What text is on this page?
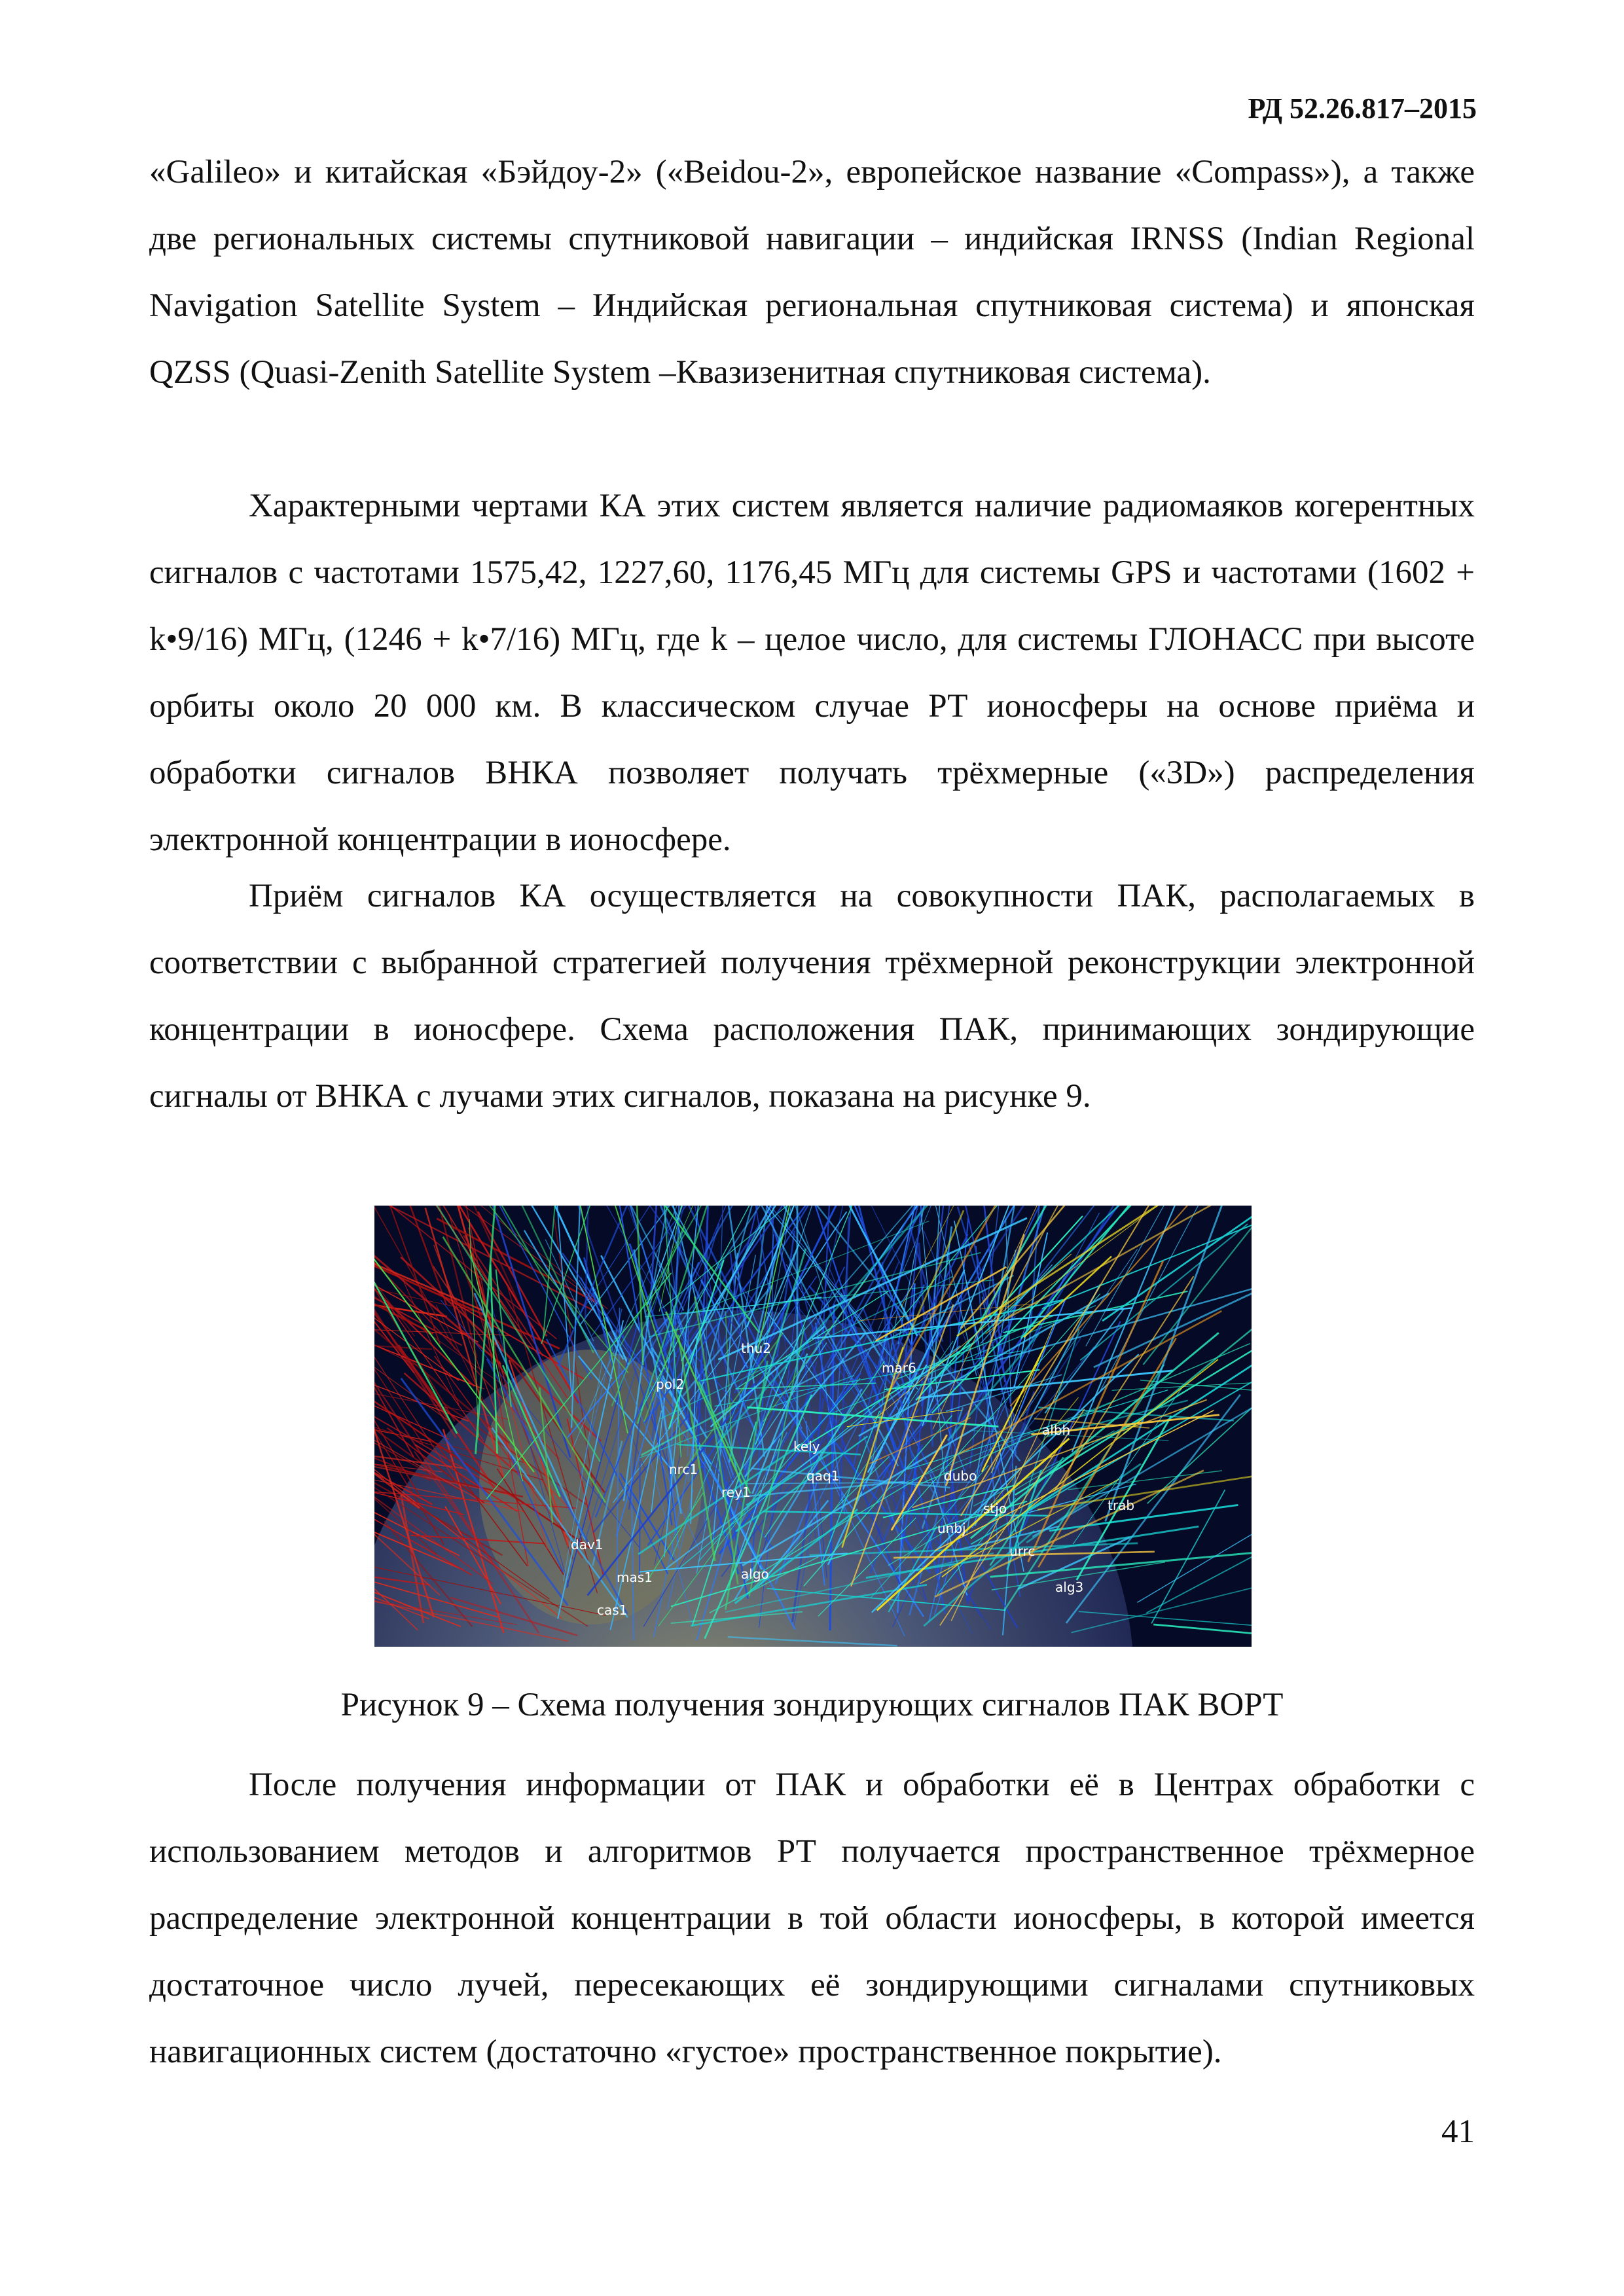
РД 52.26.817–2015

«Galileo» и китайская «Бэйдоу-2» («Beidou-2», европейское название «Compass»), а также две региональных системы спутниковой навигации – индийская IRNSS (Indian Regional Navigation Satellite System – Индийская региональная спутниковая система) и японская QZSS (Quasi-Zenith Satellite System –Квазизенитная спутниковая система).

Характерными чертами КА этих систем является наличие радиомаяков когерентных сигналов с частотами 1575,42, 1227,60, 1176,45 МГц для системы GPS и частотами (1602 + k•9/16) МГц, (1246 + k•7/16) МГц, где k – целое число, для системы ГЛОНАСС при высоте орбиты около 20 000 км. В классическом случае РТ ионосферы на основе приёма и обработки сигналов ВНКА позволяет получать трёхмерные («3D») распределения электронной концентрации в ионосфере.

Приём сигналов КА осуществляется на совокупности ПАК, располагаемых в соответствии с выбранной стратегией получения трёхмерной реконструкции электронной концентрации в ионосфере. Схема расположения ПАК, принимающих зондирующие сигналы от ВНКА с лучами этих сигналов, показана на рисунке 9.

kely
thu2
mar6
qaq1
nrc1	dubo
pol2
rey1
stjo	trab
albh
unbj
urrc
alg3
cas1
dav1
mas1	algo
Рисунок 9 – Схема получения зондирующих сигналов ПАК ВОРТ

После получения информации от ПАК и обработки её в Центрах обработки с использованием методов и алгоритмов РТ получается пространственное трёхмерное распределение электронной концентрации в той области ионосферы, в которой имеется достаточное число лучей, пересекающих её зондирующими сигналами спутниковых навигационных систем (достаточно «густое» пространственное покрытие).

41
